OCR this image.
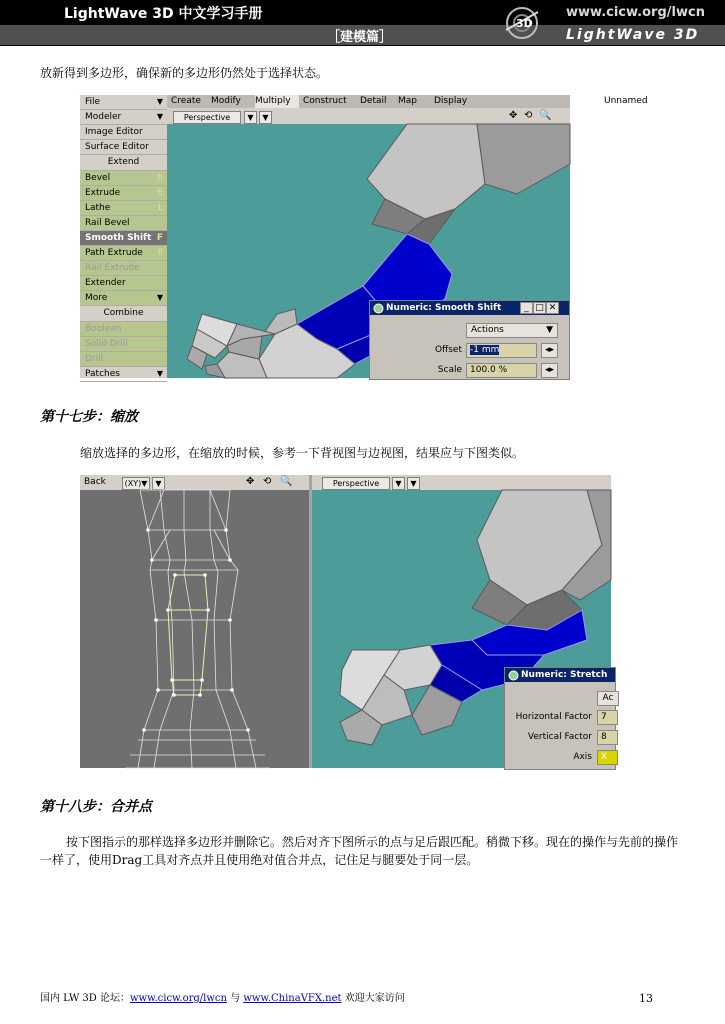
LightWave 3D 中文学习手册
［建模篇］
3D
www.cicw.org/lwcn
LightWave 3D
放新得到多边形，确保新的多边形仍然处于选择状态。
File	▼
Modeler	▼
Image Editor
Surface Editor
Extend
Bevel	b
Extrude	E
Lathe	L
Rail Bevel
Smooth Shift F
Path Extrude P
Rail Extrude
Extender
More	▼
Combine
Boolean
Solid Drill
Drill
Patches	▼
Unnamed
Create	Modify	Multiply	Construct	Detail	Map	Display
Perspective	▼	▼	✥ ⟲ 🔍
Numeric: Smooth Shift	_ □ ✕
Actions	▼
Offset -1 mm	◂▸
Scale 100.0 %	◂▸
第十七步：缩放
缩放选择的多边形，在缩放的时候，参考一下背视图与边视图，结果应与下图类似。
Back	(XY)▼	▼	✥ ⟲ 🔍	Perspective	▼	▼
Numeric: Stretch
Ac
Horizontal Factor	7
Vertical Factor	8
Axis	X
第十八步：合并点
按下图指示的那样选择多边形并删除它。然后对齐下图所示的点与足后跟匹配。稍微下移。现在的操作与先前的操作一样了，使用Drag工具对齐点并且使用绝对值合并点，记住足与腿要处于同一层。
国内 LW 3D 论坛：www.cicw.org/lwcn 与 www.ChinaVFX.net 欢迎大家访问	13
